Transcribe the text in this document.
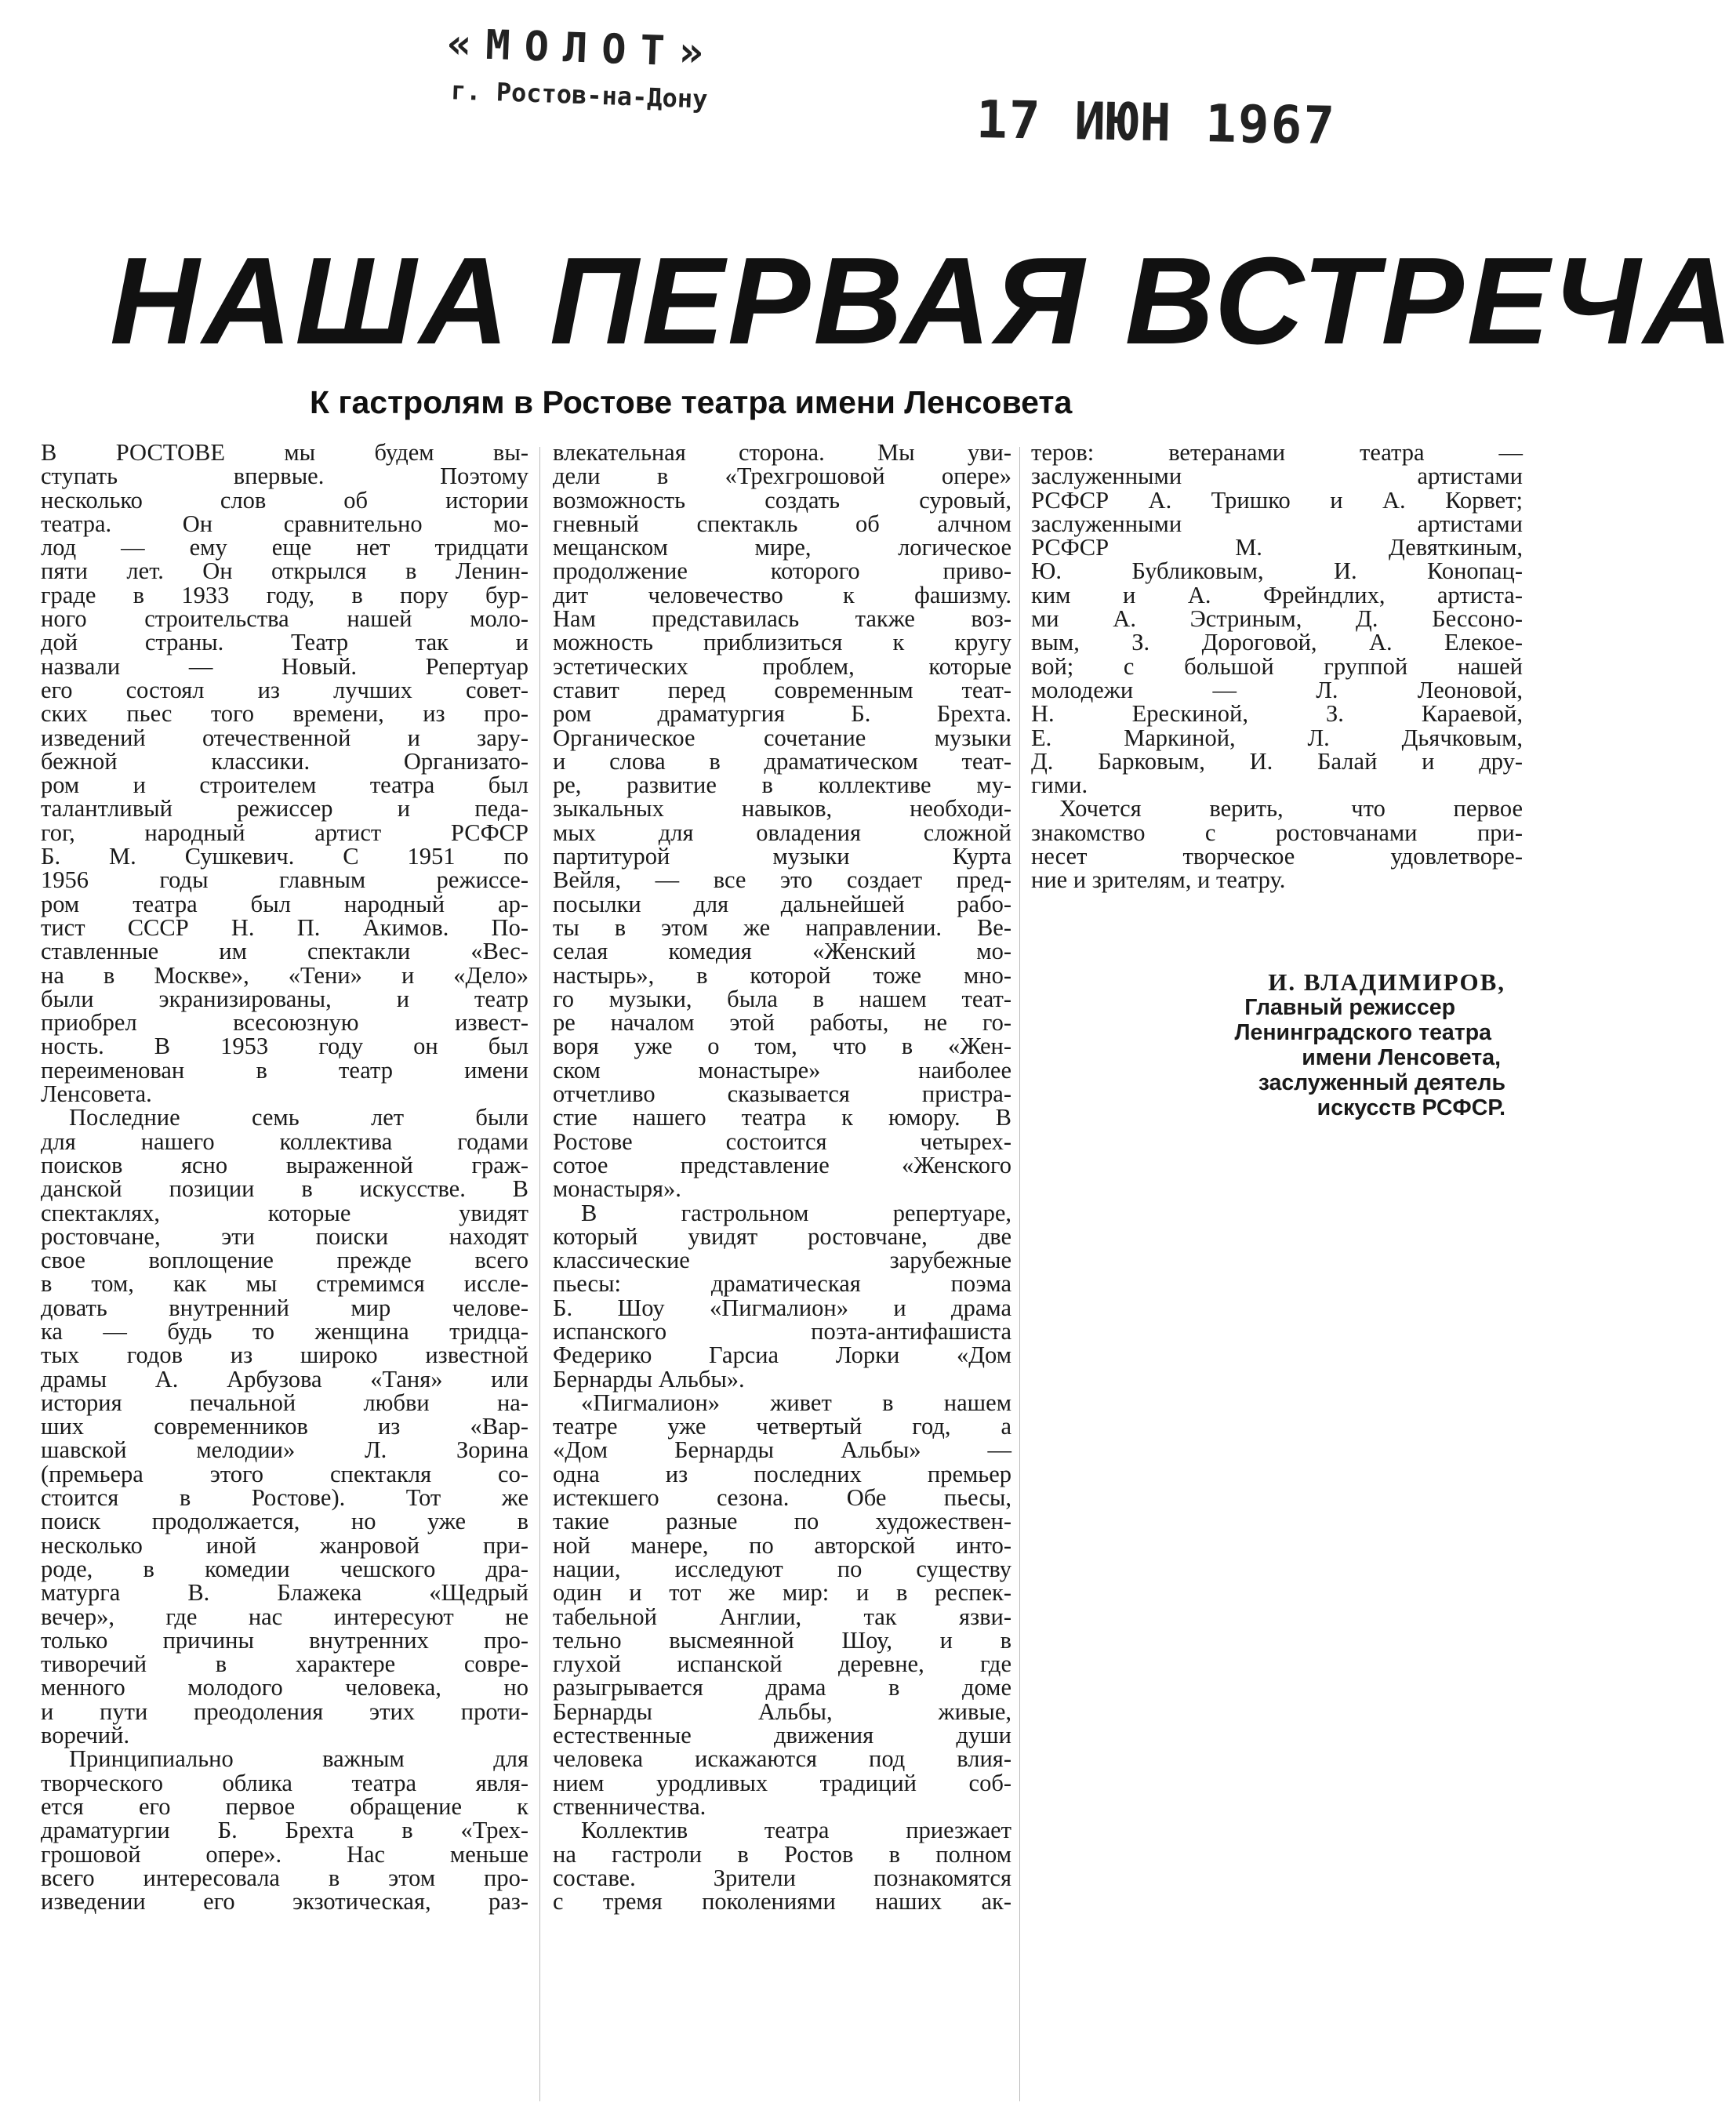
«МОЛОТ»
г. Ростов-на-Дону	17 ИЮН 1967
НАША ПЕРВАЯ ВСТРЕЧА
К гастролям в Ростове театра имени Ленсовета
В РОСТОВЕ мы будем вы-
ступать впервые. Поэтому
несколько слов об истории
театра. Он сравнительно мо-
лод — ему еще нет тридцати
пяти лет. Он открылся в Ленин-
граде в 1933 году, в пору бур-
ного строительства нашей моло-
дой страны. Театр так и
назвали — Новый. Репертуар
его состоял из лучших совет-
ских пьес того времени, из про-
изведений отечественной и зару-
бежной классики. Организато-
ром и строителем театра был
талантливый режиссер и педа-
гог, народный артист РСФСР
Б. М. Сушкевич. С 1951 по
1956 годы главным режиссе-
ром театра был народный ар-
тист СССР Н. П. Акимов. По-
ставленные им спектакли «Вес-
на в Москве», «Тени» и «Дело»
были экранизированы, и театр
приобрел всесоюзную извест-
ность. В 1953 году он был
переименован в театр имени
Ленсовета.
Последние семь лет были
для нашего коллектива годами
поисков ясно выраженной граж-
данской позиции в искусстве. В
спектаклях, которые увидят
ростовчане, эти поиски находят
свое воплощение прежде всего
в том, как мы стремимся иссле-
довать внутренний мир челове-
ка — будь то женщина тридца-
тых годов из широко известной
драмы А. Арбузова «Таня» или
история печальной любви на-
ших современников из «Вар-
шавской мелодии» Л. Зорина
(премьера этого спектакля со-
стоится в Ростове). Тот же
поиск продолжается, но уже в
несколько иной жанровой при-
роде, в комедии чешского дра-
матурга В. Блажека «Щедрый
вечер», где нас интересуют не
только причины внутренних про-
тиворечий в характере совре-
менного молодого человека, но
и пути преодоления этих проти-
воречий.
Принципиально важным для
творческого облика театра явля-
ется его первое обращение к
драматургии Б. Брехта в «Трех-
грошовой опере». Нас меньше
всего интересовала в этом про-
изведении его экзотическая, раз-
влекательная сторона. Мы уви-
дели в «Трехгрошовой опере»
возможность создать суровый,
гневный спектакль об алчном
мещанском мире, логическое
продолжение которого приво-
дит человечество к фашизму.
Нам представилась также воз-
можность приблизиться к кругу
эстетических проблем, которые
ставит перед современным теат-
ром драматургия Б. Брехта.
Органическое сочетание музыки
и слова в драматическом теат-
ре, развитие в коллективе му-
зыкальных навыков, необходи-
мых для овладения сложной
партитурой музыки Курта
Вейля, — все это создает пред-
посылки для дальнейшей рабо-
ты в этом же направлении. Ве-
селая комедия «Женский мо-
настырь», в которой тоже мно-
го музыки, была в нашем теат-
ре началом этой работы, не го-
воря уже о том, что в «Жен-
ском монастыре» наиболее
отчетливо сказывается пристра-
стие нашего театра к юмору. В
Ростове состоится четырех-
сотое представление «Женского
монастыря».
В гастрольном репертуаре,
который увидят ростовчане, две
классические зарубежные
пьесы: драматическая поэма
Б. Шоу «Пигмалион» и драма
испанского поэта-антифашиста
Федерико Гарсиа Лорки «Дом
Бернарды Альбы».
«Пигмалион» живет в нашем
театре уже четвертый год, а
«Дом Бернарды Альбы» —
одна из последних премьер
истекшего сезона. Обе пьесы,
такие разные по художествен-
ной манере, по авторской инто-
нации, исследуют по существу
один и тот же мир: и в респек-
табельной Англии, так язви-
тельно высмеянной Шоу, и в
глухой испанской деревне, где
разыгрывается драма в доме
Бернарды Альбы, живые,
естественные движения души
человека искажаются под влия-
нием уродливых традиций соб-
ственничества.
Коллектив театра приезжает
на гастроли в Ростов в полном
составе. Зрители познакомятся
с тремя поколениями наших ак-
теров: ветеранами театра —
заслуженными артистами
РСФСР А. Тришко и А. Корвет;
заслуженными артистами
РСФСР М. Девяткиным,
Ю. Бубликовым, И. Конопац-
ким и А. Фрейндлих, артиста-
ми А. Эстриным, Д. Бессоно-
вым, З. Дороговой, А. Елекое-
вой; с большой группой нашей
молодежи — Л. Леоновой,
Н. Ерескиной, З. Караевой,
Е. Маркиной, Л. Дьячковым,
Д. Барковым, И. Балай и дру-
гими.
Хочется верить, что первое
знакомство с ростовчанами при-
несет творческое удовлетворе-
ние и зрителям, и театру.
И. ВЛАДИМИРОВ,
Главный режиссер
Ленинградского театра
имени Ленсовета,
заслуженный деятель
искусств РСФСР.
